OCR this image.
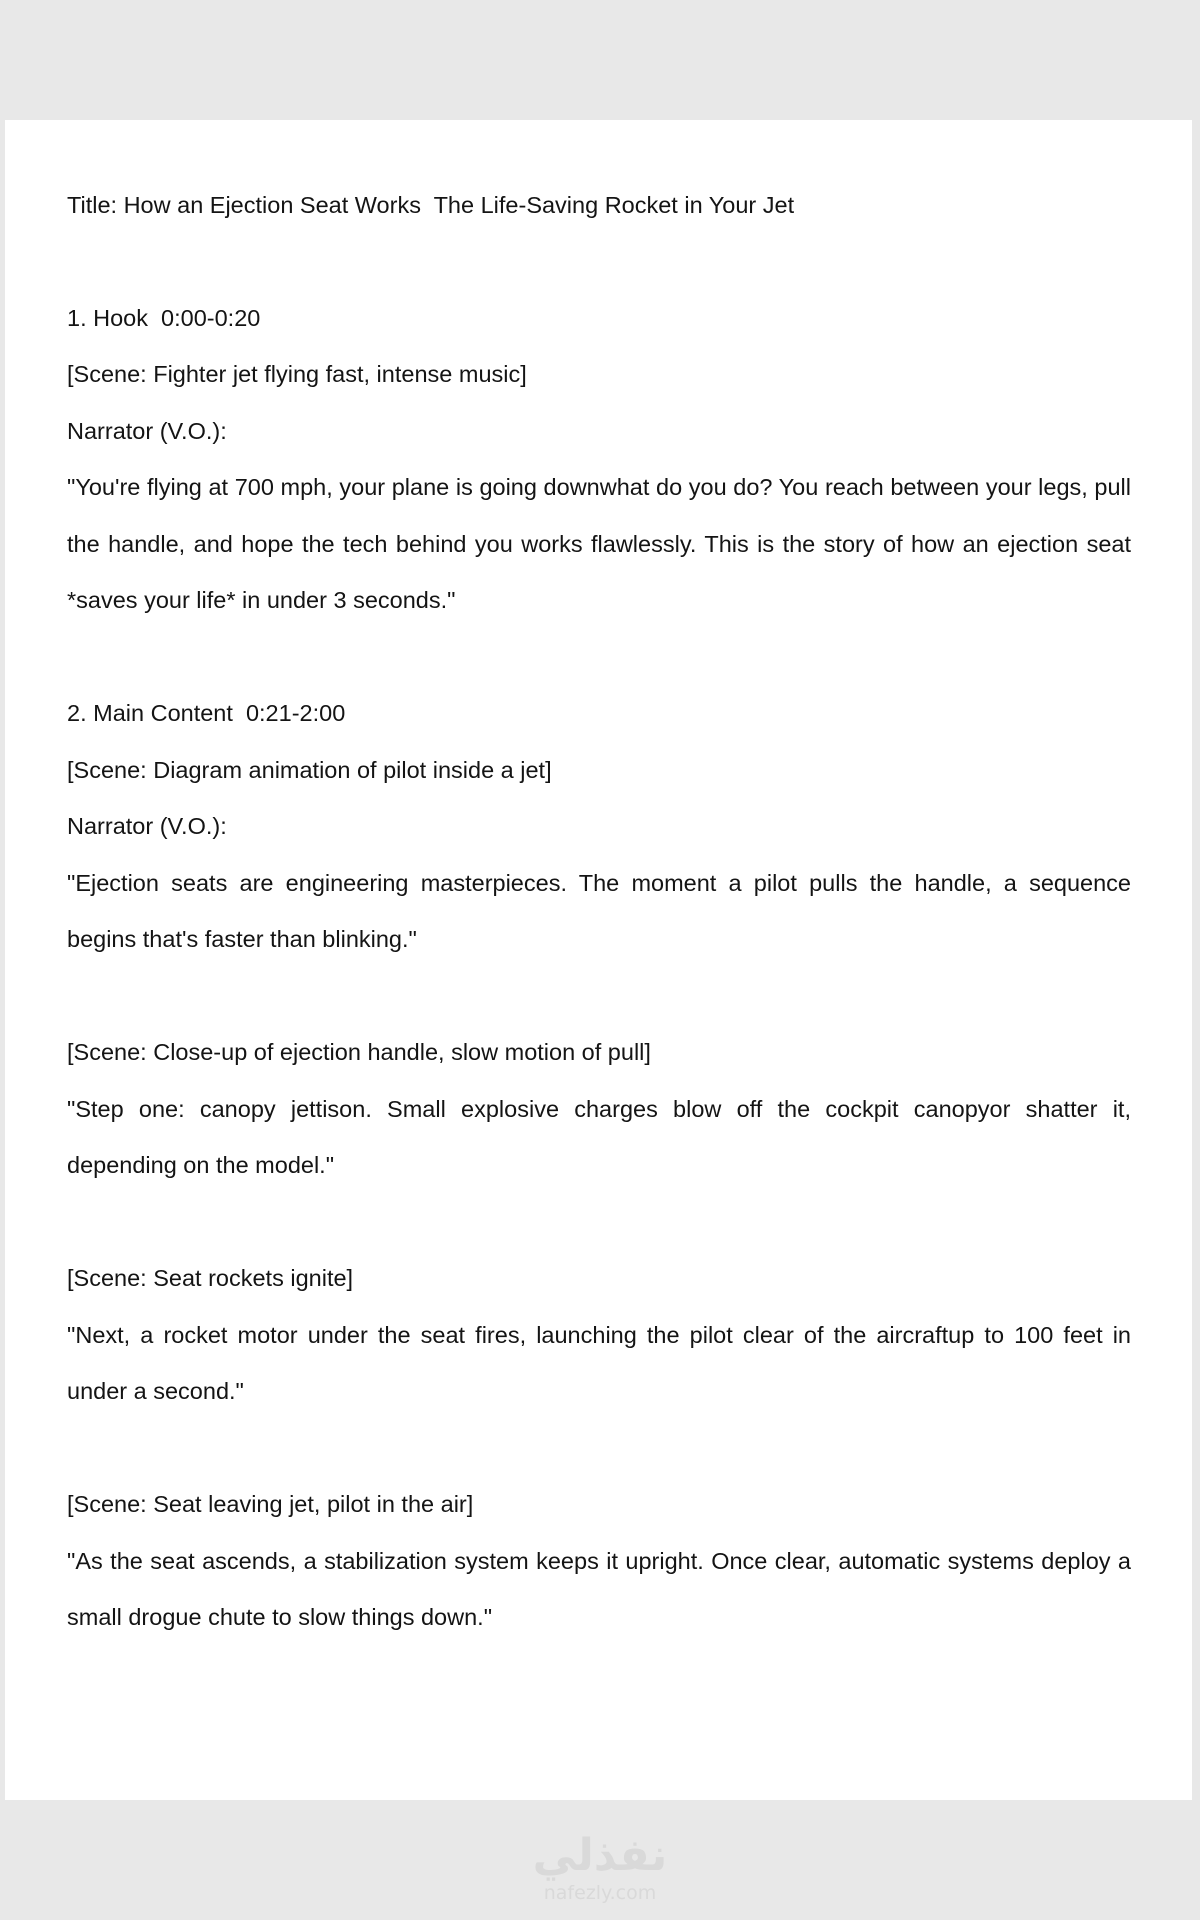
Title: How an Ejection Seat Works  The Life-Saving Rocket in Your Jet
1. Hook  0:00-0:20
[Scene: Fighter jet flying fast, intense music]
Narrator (V.O.):
"You're flying at 700 mph, your plane is going downwhat do you do? You reach between your legs, pull the handle, and hope the tech behind you works flawlessly. This is the story of how an ejection seat *saves your life* in under 3 seconds."
2. Main Content  0:21-2:00
[Scene: Diagram animation of pilot inside a jet]
Narrator (V.O.):
"Ejection seats are engineering masterpieces. The moment a pilot pulls the handle, a sequence begins that's faster than blinking."
[Scene: Close-up of ejection handle, slow motion of pull]
"Step one: canopy jettison. Small explosive charges blow off the cockpit canopyor shatter it, depending on the model."
[Scene: Seat rockets ignite]
"Next, a rocket motor under the seat fires, launching the pilot clear of the aircraftup to 100 feet in under a second."
[Scene: Seat leaving jet, pilot in the air]
"As the seat ascends, a stabilization system keeps it upright. Once clear, automatic systems deploy a small drogue chute to slow things down."
نفذلي
nafezly.com
